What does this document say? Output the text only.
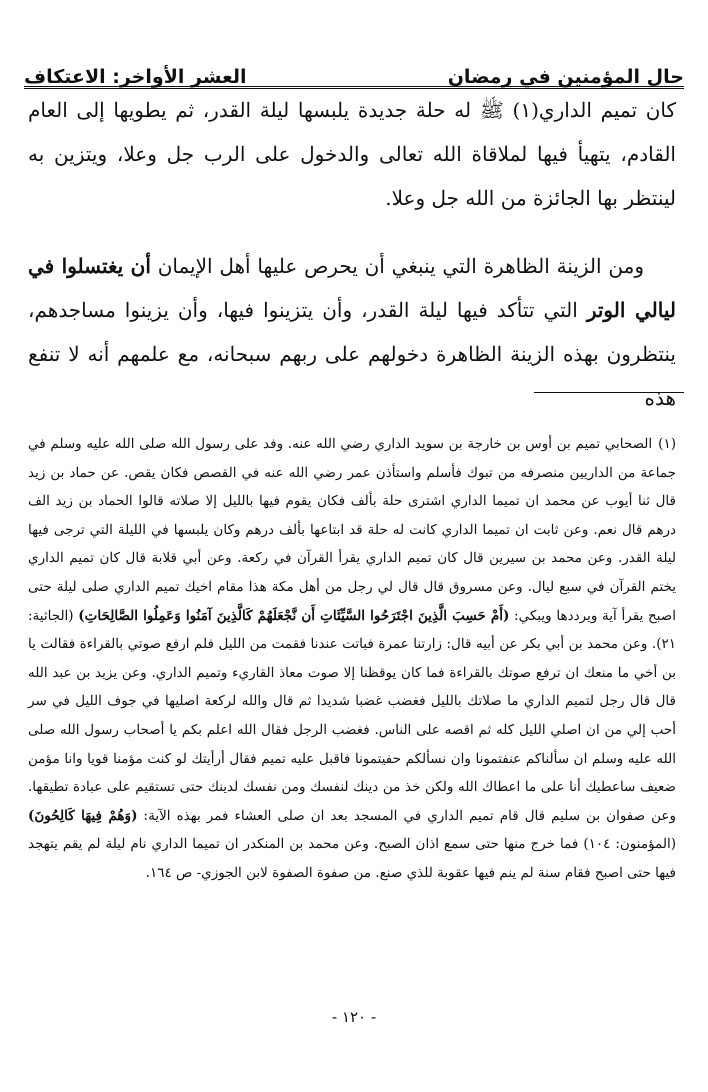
حال المؤمنين في رمضان
العشر الأواخر: الاعتكاف

كان تميم الداري(١) ﷺ له حلة جديدة يلبسها ليلة القدر، ثم يطويها إلى العام القادم، يتهيأ فيها لملاقاة الله تعالى والدخول على الرب جل وعلا، ويتزين به لينتظر بها الجائزة من الله جل وعلا.

ومن الزينة الظاهرة التي ينبغي أن يحرص عليها أهل الإيمان أن يغتسلوا في ليالي الوتر التي تتأكد فيها ليلة القدر، وأن يتزينوا فيها، وأن يزينوا مساجدهم، ينتظرون بهذه الزينة الظاهرة دخولهم على ربهم سبحانه، مع علمهم أنه لا تنفع هذه

(١)الصحابي تميم بن أوس بن خارجة بن سويد الداري رضي الله عنه. وفد على رسول الله صلى الله عليه وسلم في جماعة من الداريين منصرفه من تبوك فأسلم واستأذن عمر رضي الله عنه في القصص فكان يقص. عن حماد بن زيد قال ثنا أيوب عن محمد ان تميما الداري اشترى حلة بألف فكان يقوم فيها بالليل إلا صلاته قالوا الحماد بن زيد الف درهم قال نعم. وعن ثابت ان تميما الداري كانت له حلة قد ابتاعها بألف درهم وكان يلبسها في الليلة التي ترجى فيها ليلة القدر. وعن محمد بن سيرين قال كان تميم الداري يقرأ القرآن في ركعة. وعن أبي قلابة قال كان تميم الداري يختم القرآن في سبع ليال. وعن مسروق قال قال لي رجل من أهل مكة هذا مقام اخيك تميم الداري صلى ليلة حتى اصبح يقرأ آية ويرددها ويبكي: (أَمْ حَسِبَ الَّذِينَ اجْتَرَحُوا السَّيِّئَاتِ أَن نَّجْعَلَهُمْ كَالَّذِينَ آمَنُوا وَعَمِلُوا الصَّالِحَاتِ) (الجاثية: ٢١). وعن محمد بن أبي بكر عن أبيه قال: زارتنا عمرة فباتت عندنا فقمت من الليل فلم ارفع صوتي بالقراءة فقالت يا بن أخي ما منعك ان ترفع صوتك بالقراءة فما كان يوقظنا إلا صوت معاذ القاريء وتميم الداري. وعن يزيد بن عبد الله قال قال رجل لتميم الداري ما صلاتك بالليل فغضب غضبا شديدا ثم قال والله لركعة اصليها في جوف الليل في سر أحب إلي من ان اصلي الليل كله ثم اقصه على الناس. فغضب الرجل فقال الله اعلم بكم يا أصحاب رسول الله صلى الله عليه وسلم ان سألناكم عنفتمونا وان نسألكم حفيتمونا فاقبل عليه تميم فقال أرأيتك لو كنت مؤمنا قويا وانا مؤمن ضعيف ساعطيك أنا على ما اعطاك الله ولكن خذ من دينك لنفسك ومن نفسك لدينك حتى تستقيم على عبادة تطيقها. وعن صفوان بن سليم قال قام تميم الداري في المسجد بعد ان صلى العشاء فمر بهذه الآية: (وَهُمْ فِيهَا كَالِحُونَ) (المؤمنون: ١٠٤) فما خرج منها حتى سمع اذان الصبح. وعن محمد بن المنكدر ان تميما الداري نام ليلة لم يقم يتهجد فيها حتى اصبح فقام سنة لم ينم فيها عقوبة للذي صنع. من صفوة الصفوة لابن الجوزي- ص ١٦٤.

- ١٢٠ -
